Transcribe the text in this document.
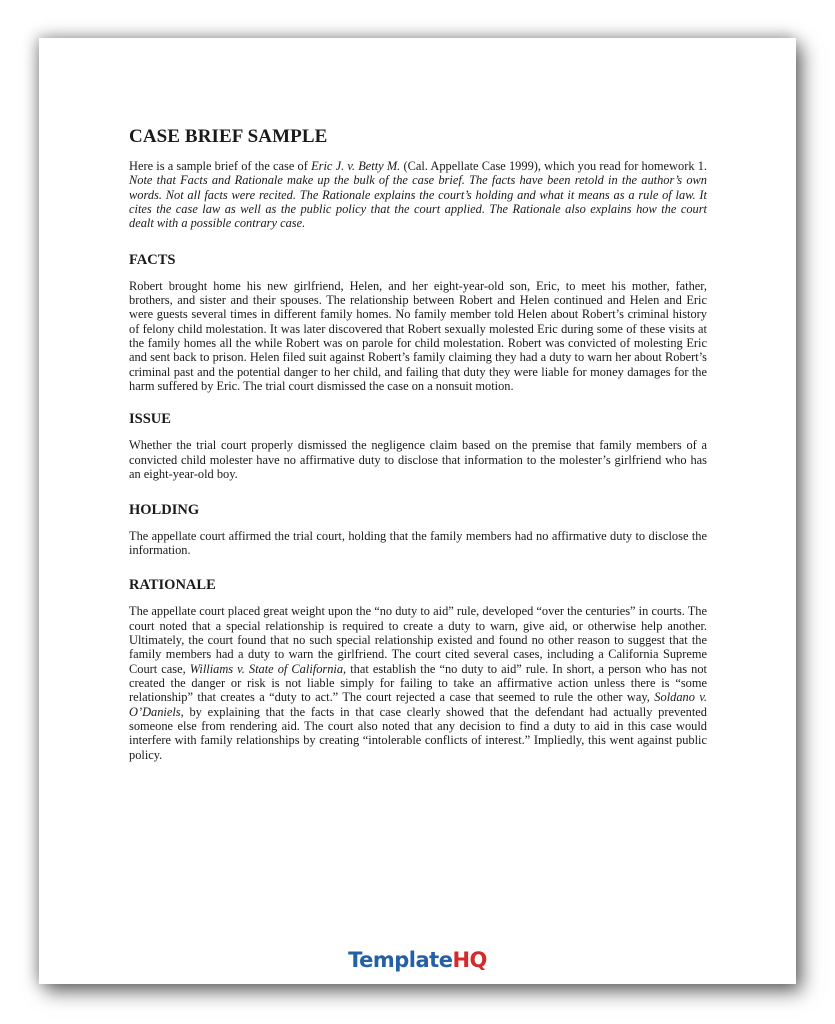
CASE BRIEF SAMPLE

Here is a sample brief of the case of Eric J. v. Betty M. (Cal. Appellate Case 1999), which you read for homework 1. Note that Facts and Rationale make up the bulk of the case brief. The facts have been retold in the author’s own words. Not all facts were recited. The Rationale explains the court’s holding and what it means as a rule of law. It cites the case law as well as the public policy that the court applied. The Rationale also explains how the court dealt with a possible contrary case.

FACTS

Robert brought home his new girlfriend, Helen, and her eight-year-old son, Eric, to meet his mother, father, brothers, and sister and their spouses. The relationship between Robert and Helen continued and Helen and Eric were guests several times in different family homes. No family member told Helen about Robert’s criminal history of felony child molestation. It was later discovered that Robert sexually molested Eric during some of these visits at the family homes all the while Robert was on parole for child molestation. Robert was convicted of molesting Eric and sent back to prison. Helen filed suit against Robert’s family claiming they had a duty to warn her about Robert’s criminal past and the potential danger to her child, and failing that duty they were liable for money damages for the harm suffered by Eric. The trial court dismissed the case on a nonsuit motion.

ISSUE

Whether the trial court properly dismissed the negligence claim based on the premise that family members of a convicted child molester have no affirmative duty to disclose that information to the molester’s girlfriend who has an eight-year-old boy.

HOLDING

The appellate court affirmed the trial court, holding that the family members had no affirmative duty to disclose the information.

RATIONALE

The appellate court placed great weight upon the “no duty to aid” rule, developed “over the centuries” in courts. The court noted that a special relationship is required to create a duty to warn, give aid, or otherwise help another. Ultimately, the court found that no such special relationship existed and found no other reason to suggest that the family members had a duty to warn the girlfriend. The court cited several cases, including a California Supreme Court case, Williams v. State of California, that establish the “no duty to aid” rule. In short, a person who has not created the danger or risk is not liable simply for failing to take an affirmative action unless there is “some relationship” that creates a “duty to act.” The court rejected a case that seemed to rule the other way, Soldano v. O’Daniels, by explaining that the facts in that case clearly showed that the defendant had actually prevented someone else from rendering aid. The court also noted that any decision to find a duty to aid in this case would interfere with family relationships by creating “intolerable conflicts of interest.” Impliedly, this went against public policy.

TemplateHQ
